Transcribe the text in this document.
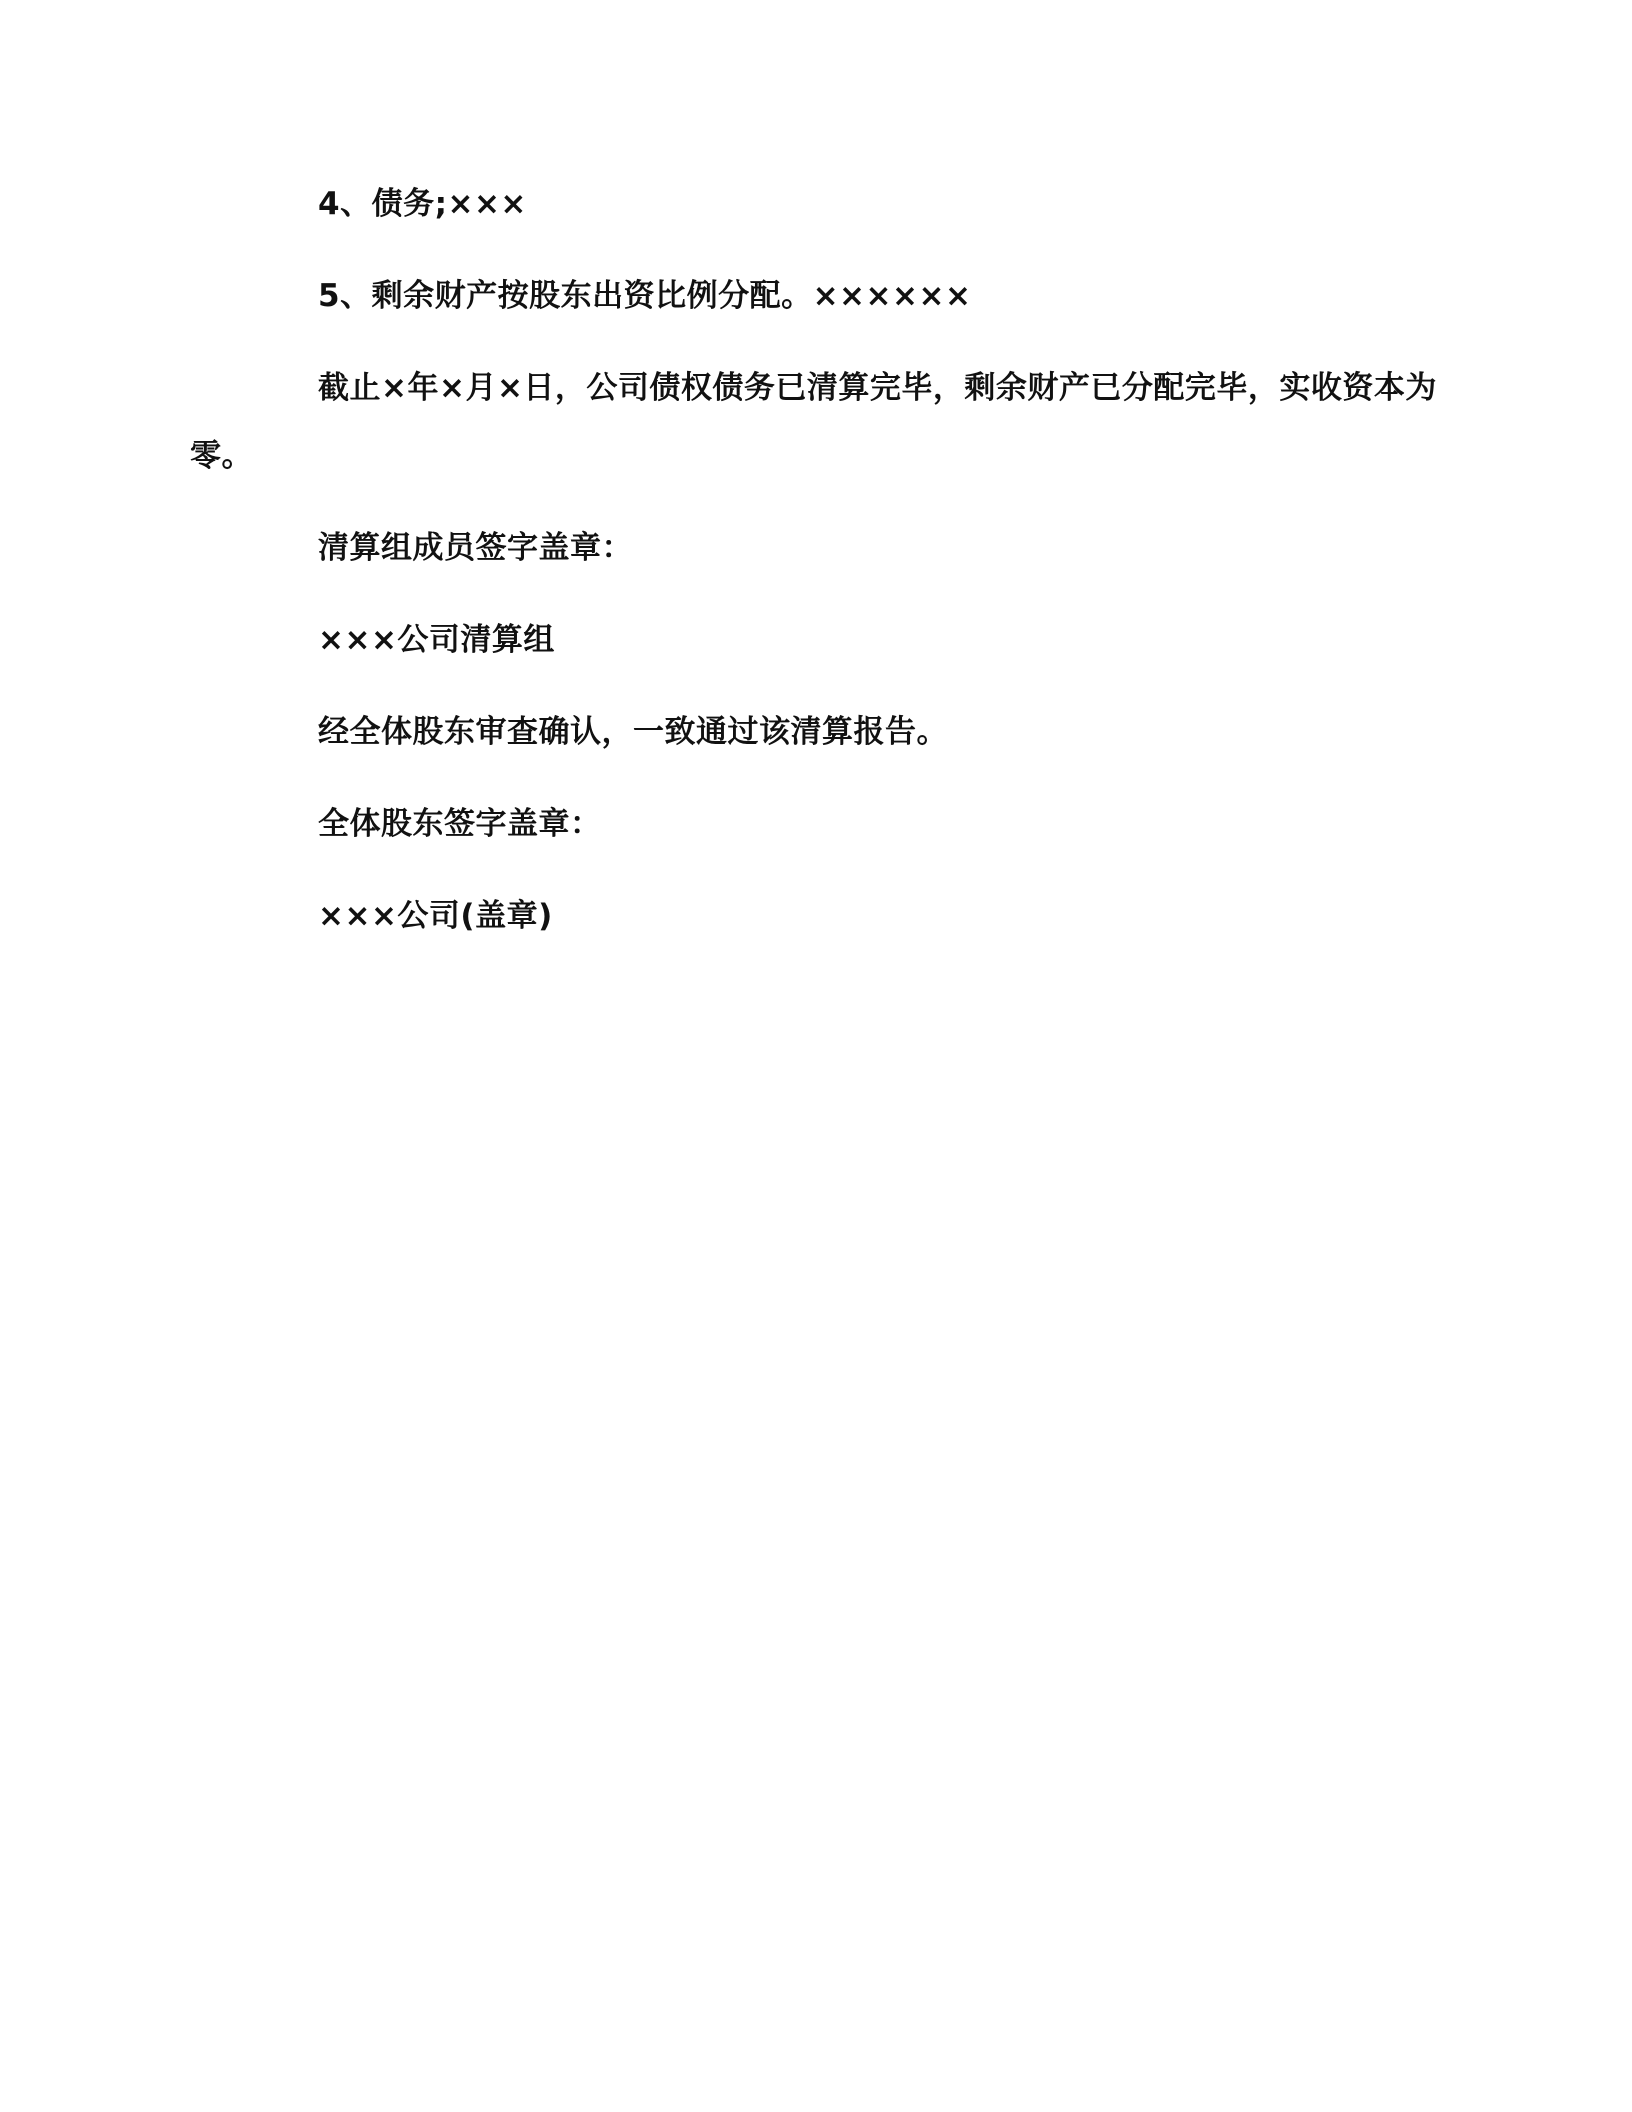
4、债务;×××

5、剩余财产按股东出资比例分配。××××××

截止×年×月×日，公司债权债务已清算完毕，剩余财产已分配完毕，实收资本为零。

清算组成员签字盖章：

×××公司清算组

经全体股东审查确认，一致通过该清算报告。

全体股东签字盖章：

×××公司(盖章)
